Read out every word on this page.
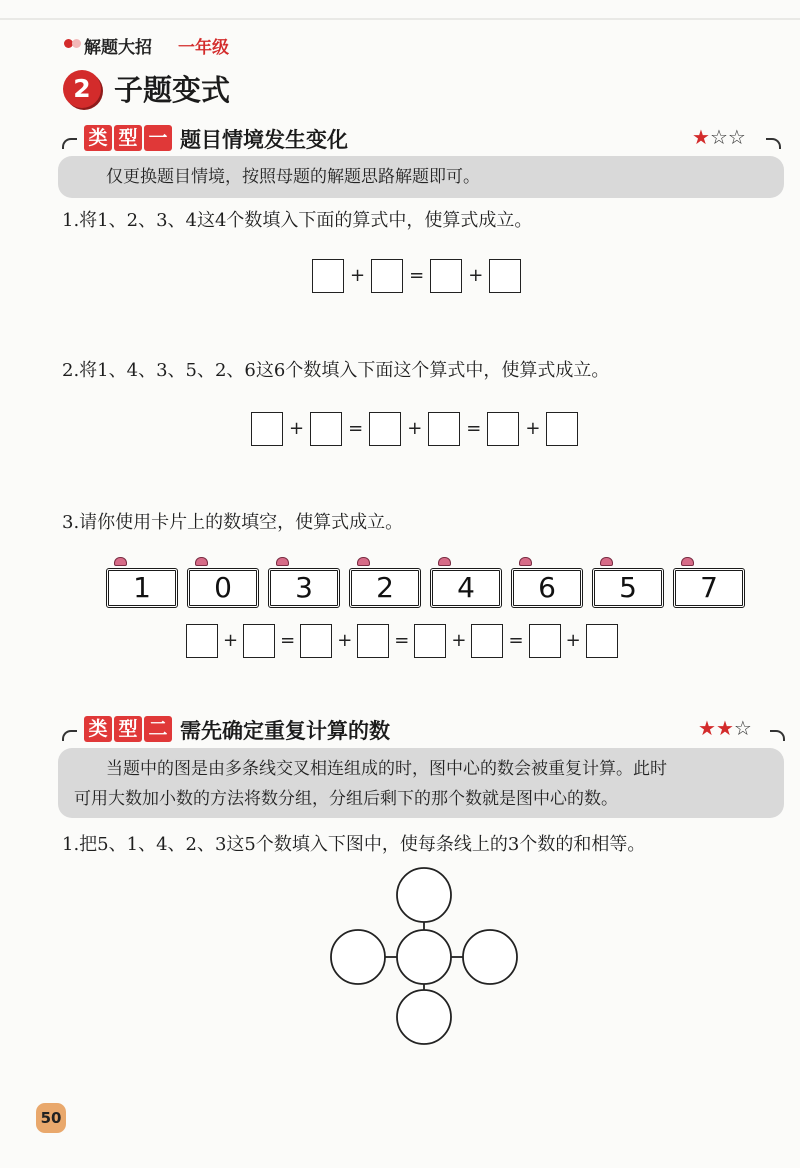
解题大招 一年级
2 子题变式
类 型 一 题目情境发生变化	★☆☆
仅更换题目情境，按照母题的解题思路解题即可。
1.将1、2、3、4这4个数填入下面的算式中，使算式成立。
+ = +
2.将1、4、3、5、2、6这6个数填入下面这个算式中，使算式成立。
+ = + = +
3.请你使用卡片上的数填空，使算式成立。
1	0	3	2	4	6	5	7
+ = + = + = +
类 型 二 需先确定重复计算的数	★★☆
当题中的图是由多条线交叉相连组成的时，图中心的数会被重复计算。此时
可用大数加小数的方法将数分组，分组后剩下的那个数就是图中心的数。
1.把5、1、4、2、3这5个数填入下图中，使每条线上的3个数的和相等。
50
